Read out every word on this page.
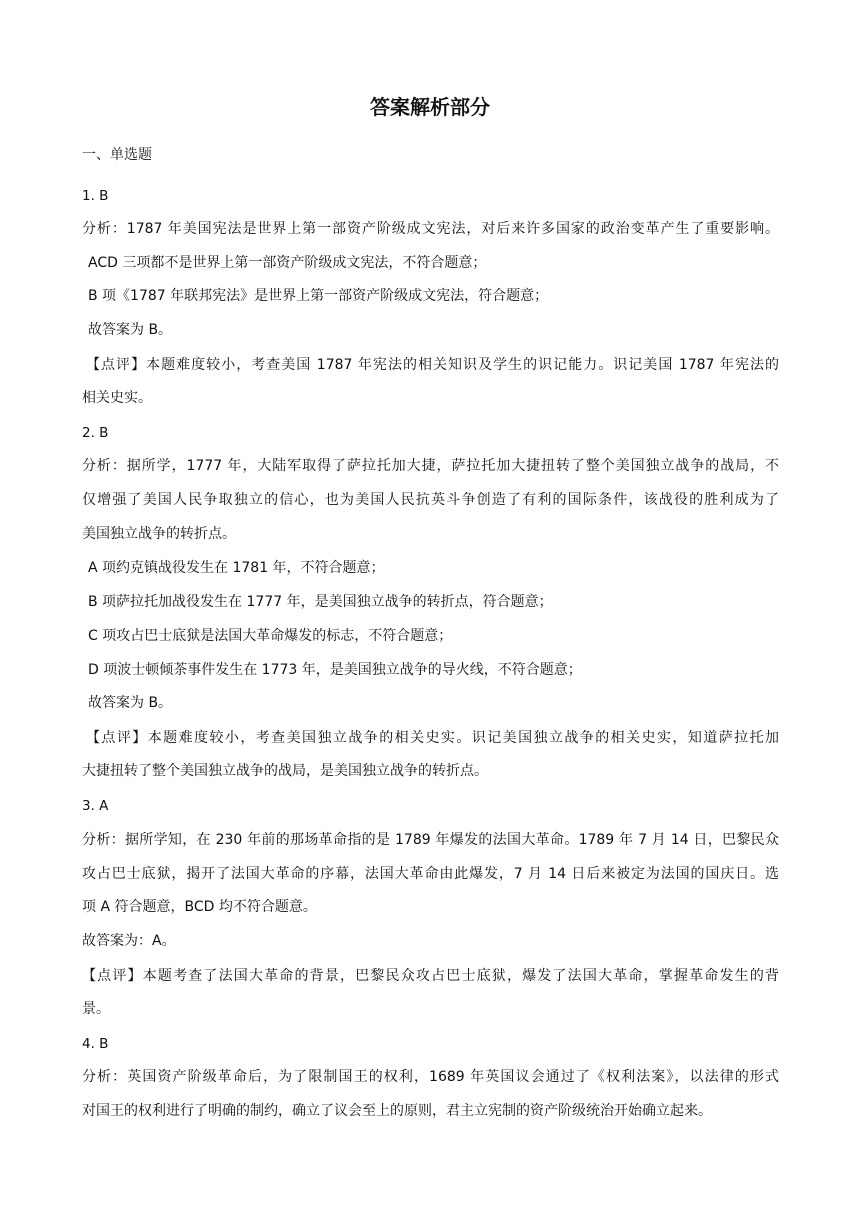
答案解析部分
一、单选题
1. B
分析：1787 年美国宪法是世界上第一部资产阶级成文宪法，对后来许多国家的政治变革产生了重要影响。
ACD 三项都不是世界上第一部资产阶级成文宪法，不符合题意；
B 项《1787 年联邦宪法》是世界上第一部资产阶级成文宪法，符合题意；
故答案为 B。
【点评】本题难度较小，考查美国 1787 年宪法的相关知识及学生的识记能力。识记美国 1787 年宪法的
相关史实。
2. B
分析：据所学，1777 年，大陆军取得了萨拉托加大捷，萨拉托加大捷扭转了整个美国独立战争的战局，不
仅增强了美国人民争取独立的信心，也为美国人民抗英斗争创造了有利的国际条件，该战役的胜利成为了
美国独立战争的转折点。
A 项约克镇战役发生在 1781 年，不符合题意；
B 项萨拉托加战役发生在 1777 年，是美国独立战争的转折点，符合题意；
C 项攻占巴士底狱是法国大革命爆发的标志，不符合题意；
D 项波士顿倾茶事件发生在 1773 年，是美国独立战争的导火线，不符合题意；
故答案为 B。
【点评】本题难度较小，考查美国独立战争的相关史实。识记美国独立战争的相关史实，知道萨拉托加
大捷扭转了整个美国独立战争的战局，是美国独立战争的转折点。
3. A
分析：据所学知，在 230 年前的那场革命指的是 1789 年爆发的法国大革命。1789 年 7 月 14 日，巴黎民众
攻占巴士底狱，揭开了法国大革命的序幕，法国大革命由此爆发，7 月 14 日后来被定为法国的国庆日。选
项 A 符合题意，BCD 均不符合题意。
故答案为：A。
【点评】本题考查了法国大革命的背景，巴黎民众攻占巴士底狱，爆发了法国大革命，掌握革命发生的背
景。
4. B
分析：英国资产阶级革命后，为了限制国王的权利，1689 年英国议会通过了《权利法案》，以法律的形式
对国王的权利进行了明确的制约，确立了议会至上的原则，君主立宪制的资产阶级统治开始确立起来。
